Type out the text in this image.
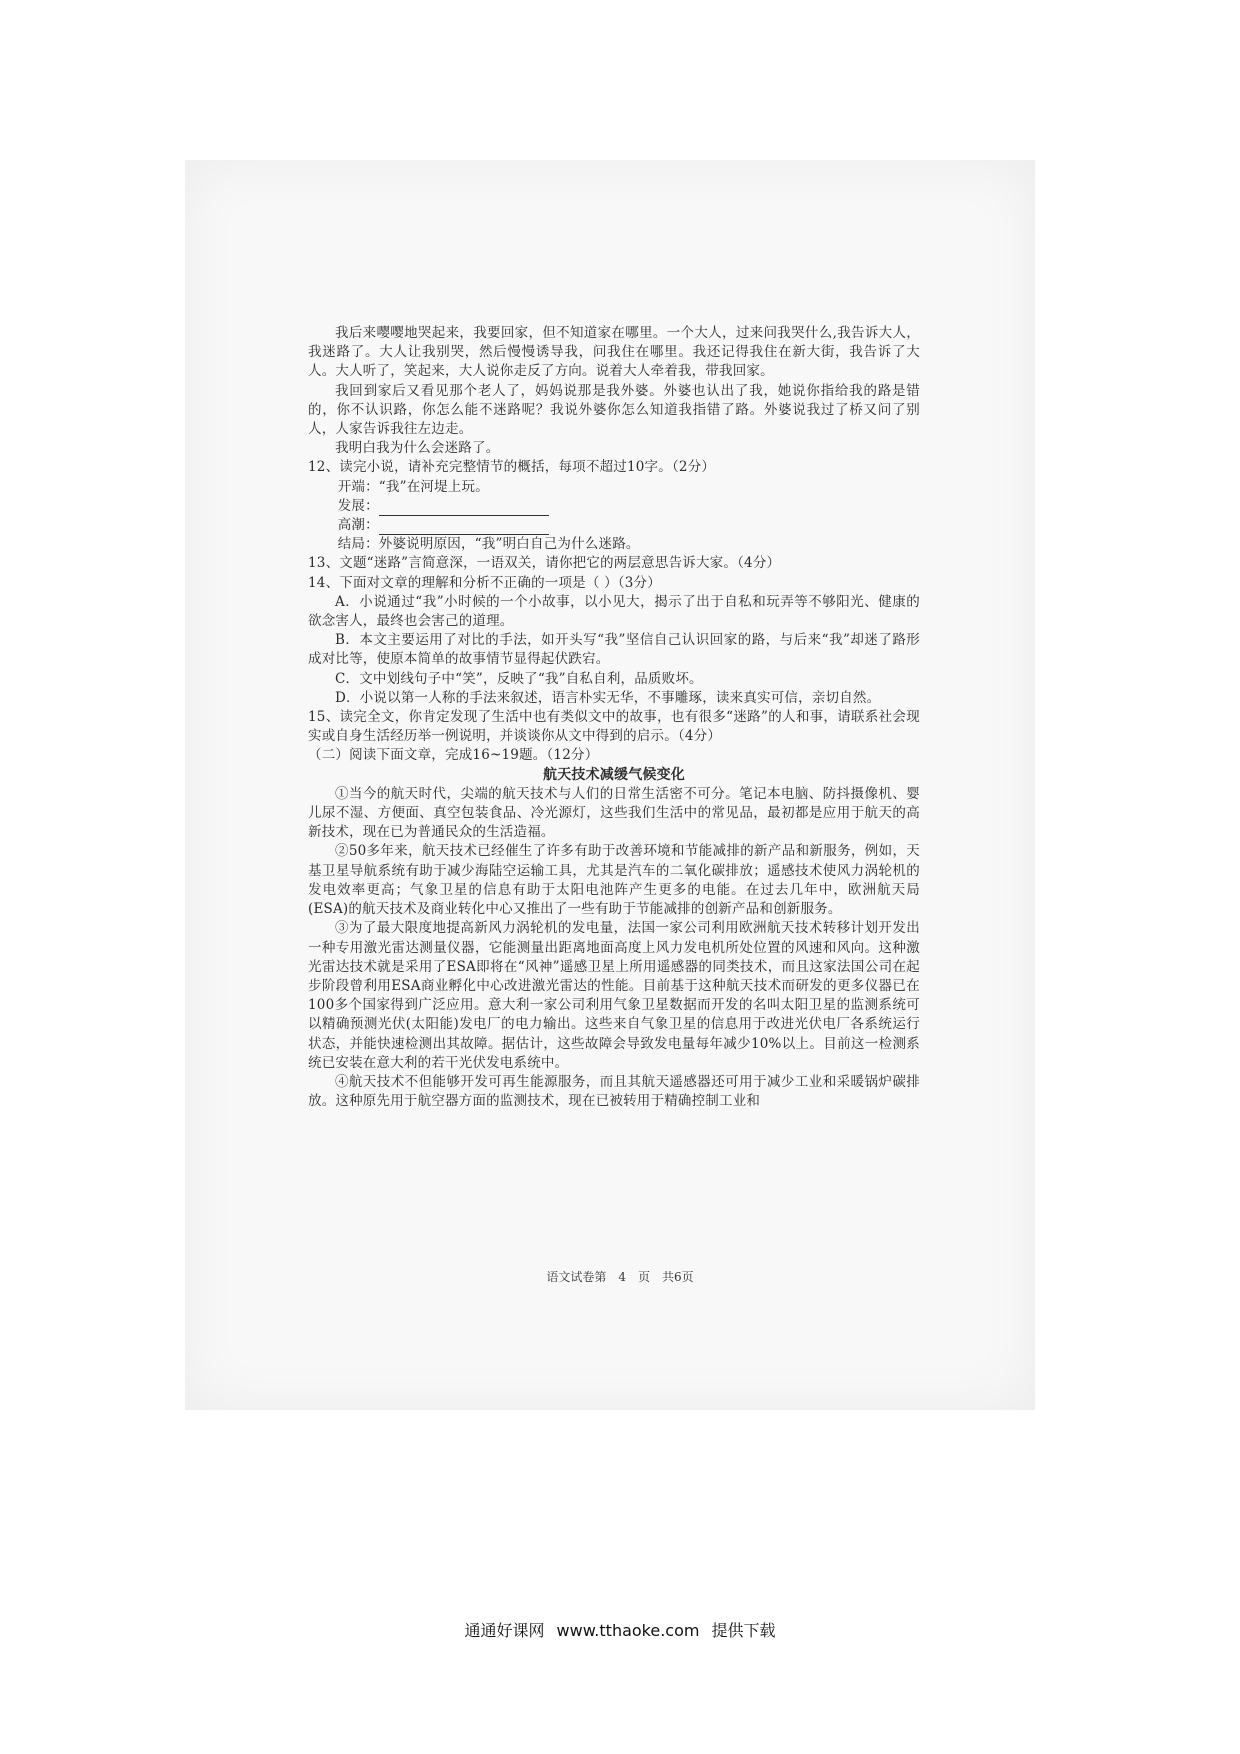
我后来嘤嘤地哭起来，我要回家，但不知道家在哪里。一个大人，过来问我哭什么,我告诉大人，我迷路了。大人让我别哭，然后慢慢诱导我，问我住在哪里。我还记得我住在新大街，我告诉了大人。大人听了，笑起来，大人说你走反了方向。说着大人牵着我，带我回家。

我回到家后又看见那个老人了，妈妈说那是我外婆。外婆也认出了我，她说你指给我的路是错的，你不认识路，你怎么能不迷路呢？我说外婆你怎么知道我指错了路。外婆说我过了桥又问了别人，人家告诉我往左边走。

我明白我为什么会迷路了。

12、读完小说，请补充完整情节的概括，每项不超过10字。（2分）

开端：“我”在河堤上玩。

发展：

高潮：

结局：外婆说明原因，“我”明白自己为什么迷路。

13、文题“迷路”言简意深，一语双关，请你把它的两层意思告诉大家。（4分）

14、下面对文章的理解和分析不正确的一项是（ ）（3分）

A．小说通过“我”小时候的一个小故事，以小见大，揭示了出于自私和玩弄等不够阳光、健康的欲念害人，最终也会害己的道理。

B．本文主要运用了对比的手法，如开头写“我”坚信自己认识回家的路，与后来“我”却迷了路形成对比等，使原本简单的故事情节显得起伏跌宕。

C．文中划线句子中“笑”，反映了“我”自私自利，品质败坏。

D．小说以第一人称的手法来叙述，语言朴实无华，不事雕琢，读来真实可信，亲切自然。

15、读完全文，你肯定发现了生活中也有类似文中的故事，也有很多“迷路”的人和事，请联系社会现实或自身生活经历举一例说明，并谈谈你从文中得到的启示。（4分）

（二）阅读下面文章，完成16~19题。（12分）

航天技术减缓气候变化

①当今的航天时代，尖端的航天技术与人们的日常生活密不可分。笔记本电脑、防抖摄像机、婴儿尿不湿、方便面、真空包装食品、冷光源灯，这些我们生活中的常见品，最初都是应用于航天的高新技术，现在已为普通民众的生活造福。

②50多年来，航天技术已经催生了许多有助于改善环境和节能减排的新产品和新服务，例如，天基卫星导航系统有助于减少海陆空运输工具，尤其是汽车的二氧化碳排放；遥感技术使风力涡轮机的发电效率更高；气象卫星的信息有助于太阳电池阵产生更多的电能。在过去几年中，欧洲航天局(ESA)的航天技术及商业转化中心又推出了一些有助于节能减排的创新产品和创新服务。

③为了最大限度地提高新风力涡轮机的发电量，法国一家公司利用欧洲航天技术转移计划开发出一种专用激光雷达测量仪器，它能测量出距离地面高度上风力发电机所处位置的风速和风向。这种激光雷达技术就是采用了ESA即将在“风神”遥感卫星上所用遥感器的同类技术，而且这家法国公司在起步阶段曾利用ESA商业孵化中心改进激光雷达的性能。目前基于这种航天技术而研发的更多仪器已在100多个国家得到广泛应用。意大利一家公司利用气象卫星数据而开发的名叫太阳卫星的监测系统可以精确预测光伏(太阳能)发电厂的电力输出。这些来自气象卫星的信息用于改进光伏电厂各系统运行状态，并能快速检测出其故障。据估计，这些故障会导致发电量每年减少10%以上。目前这一检测系统已安装在意大利的若干光伏发电系统中。

④航天技术不但能够开发可再生能源服务，而且其航天遥感器还可用于减少工业和采暖锅炉碳排放。这种原先用于航空器方面的监测技术，现在已被转用于精确控制工业和

语文试卷第 4 页 共6页
通通好课网 www.tthaoke.com 提供下载
